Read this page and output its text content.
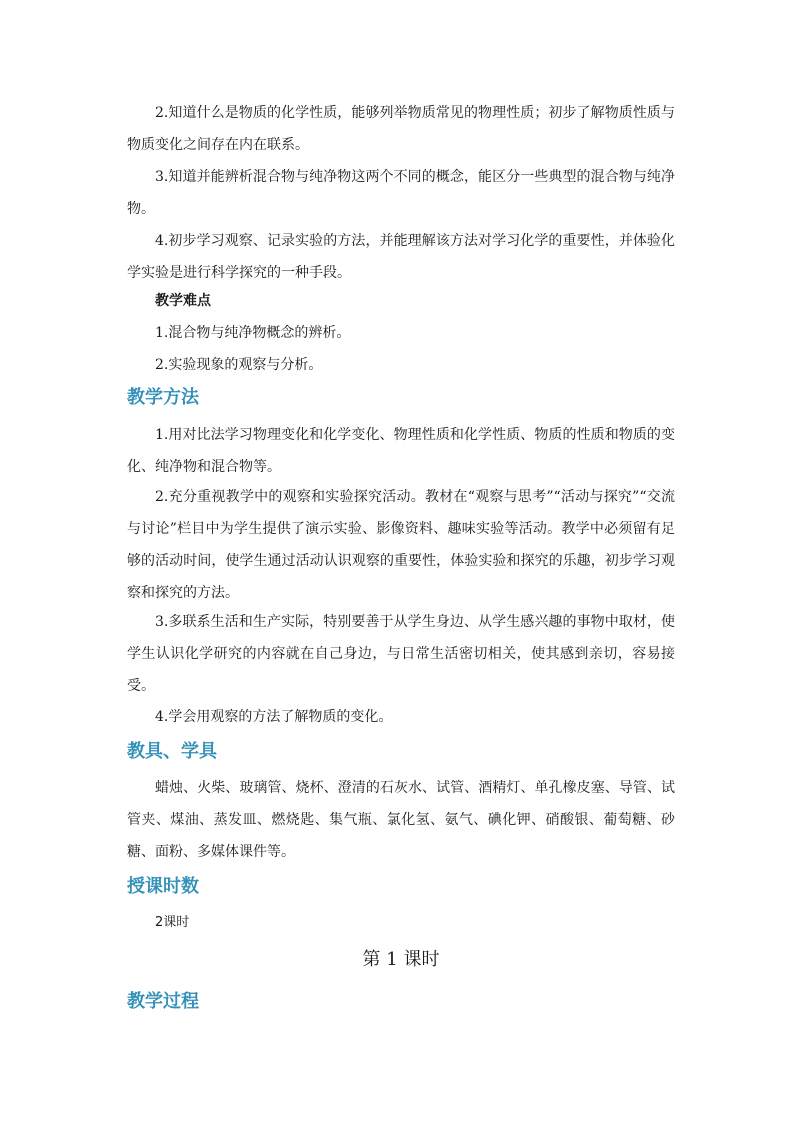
2.知道什么是物质的化学性质，能够列举物质常见的物理性质；初步了解物质性质与物质变化之间存在内在联系。

3.知道并能辨析混合物与纯净物这两个不同的概念，能区分一些典型的混合物与纯净物。

4.初步学习观察、记录实验的方法，并能理解该方法对学习化学的重要性，并体验化学实验是进行科学探究的一种手段。

教学难点

1.混合物与纯净物概念的辨析。

2.实验现象的观察与分析。

教学方法

1.用对比法学习物理变化和化学变化、物理性质和化学性质、物质的性质和物质的变化、纯净物和混合物等。

2.充分重视教学中的观察和实验探究活动。教材在“观察与思考”“活动与探究”“交流与讨论”栏目中为学生提供了演示实验、影像资料、趣味实验等活动。教学中必须留有足够的活动时间，使学生通过活动认识观察的重要性，体验实验和探究的乐趣，初步学习观察和探究的方法。

3.多联系生活和生产实际，特别要善于从学生身边、从学生感兴趣的事物中取材，使学生认识化学研究的内容就在自己身边，与日常生活密切相关，使其感到亲切，容易接受。

4.学会用观察的方法了解物质的变化。

教具、学具

蜡烛、火柴、玻璃管、烧杯、澄清的石灰水、试管、酒精灯、单孔橡皮塞、导管、试管夹、煤油、蒸发皿、燃烧匙、集气瓶、氯化氢、氨气、碘化钾、硝酸银、葡萄糖、砂糖、面粉、多媒体课件等。

授课时数

2课时

第 1 课时

教学过程
